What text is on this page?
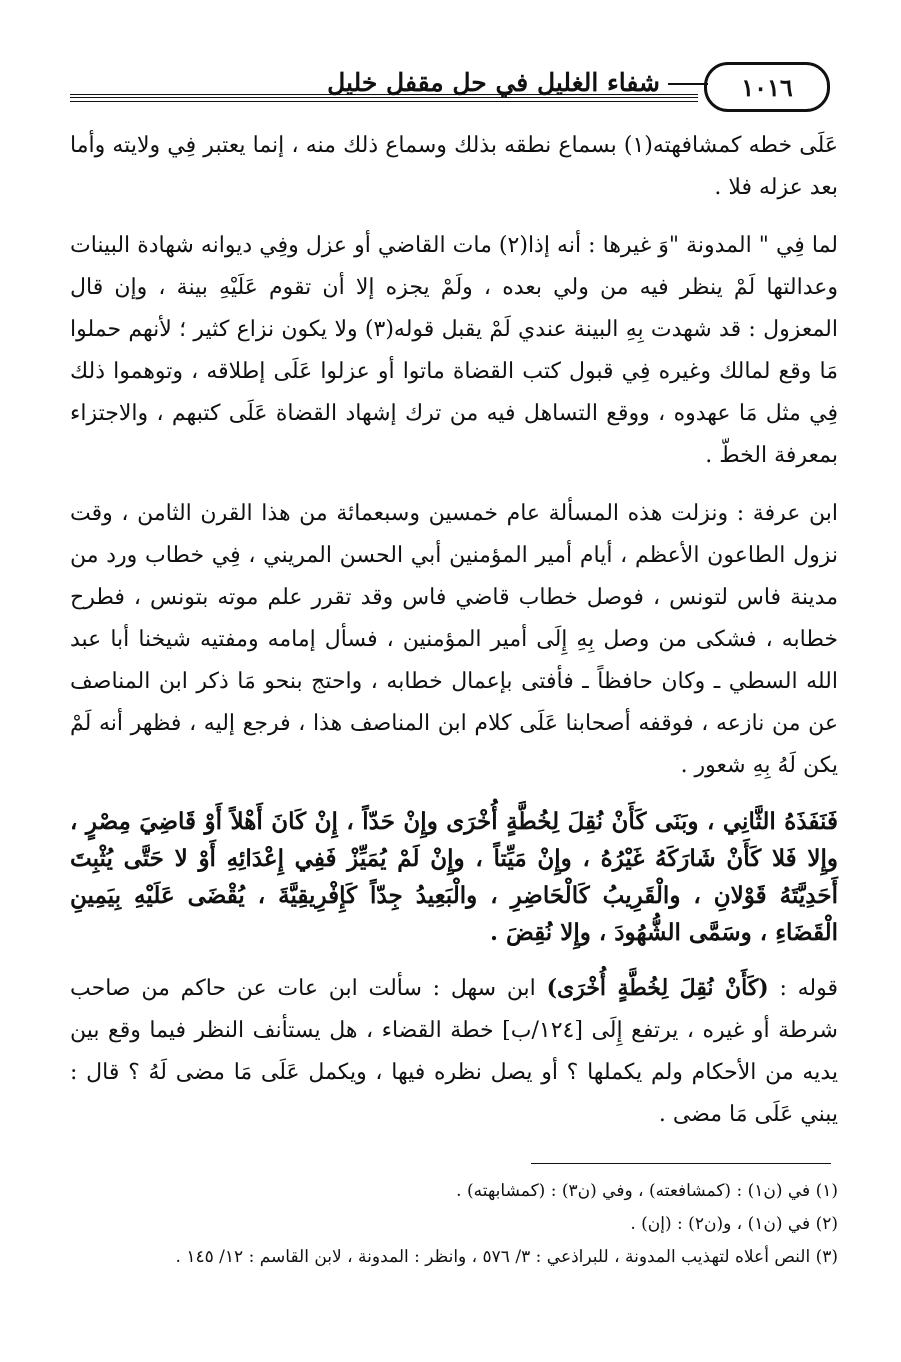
١٠١٦
شفاء الغليل في حل مقفل خليل

عَلَى خطه كمشافهته(١) بسماع نطقه بذلك وسماع ذلك منه ، إنما يعتبر فِي ولايته وأما بعد عزله فلا .

لما فِي " المدونة "وَ غيرها : أنه إذا(٢) مات القاضي أو عزل وفِي ديوانه شهادة البينات وعدالتها لَمْ ينظر فيه من ولي بعده ، ولَمْ يجزه إلا أن تقوم عَلَيْهِ بينة ، وإن قال المعزول : قد شهدت بِهِ البينة عندي لَمْ يقبل قوله(٣) ولا يكون نزاع كثير ؛ لأنهم حملوا مَا وقع لمالك وغيره فِي قبول كتب القضاة ماتوا أو عزلوا عَلَى إطلاقه ، وتوهموا ذلك فِي مثل مَا عهدوه ، ووقع التساهل فيه من ترك إشهاد القضاة عَلَى كتبهم ، والاجتزاء بمعرفة الخطّ .

ابن عرفة : ونزلت هذه المسألة عام خمسين وسبعمائة من هذا القرن الثامن ، وقت نزول الطاعون الأعظم ، أيام أمير المؤمنين أبي الحسن المريني ، فِي خطاب ورد من مدينة فاس لتونس ، فوصل خطاب قاضي فاس وقد تقرر علم موته بتونس ، فطرح خطابه ، فشكى من وصل بِهِ إِلَى أمير المؤمنين ، فسأل إمامه ومفتيه شيخنا أبا عبد الله السطي ـ وكان حافظاً ـ فأفتى بإعمال خطابه ، واحتج بنحو مَا ذكر ابن المناصف عن من نازعه ، فوقفه أصحابنا عَلَى كلام ابن المناصف هذا ، فرجع إليه ، فظهر أنه لَمْ يكن لَهُ بِهِ شعور .

فَنَفَذَهُ الثَّانِي ، وبَنَى كَأَنْ نُقِلَ لِخُطَّةٍ أُخْرَى وإِنْ حَدّاً ، إِنْ كَانَ أَهْلاً أَوْ قَاضِيَ مِصْرٍ ، وإِلا فَلا كَأَنْ شَارَكَهُ غَيْرُهُ ، وإِنْ مَيِّتاً ، وإِنْ لَمْ يُمَيِّزْ فَفِي إِعْدَائِهِ أَوْ لا حَتَّى يُثْبِتَ أَحَدِيَّتَهُ قَوْلانِ ، والْقَرِيبُ كَالْحَاضِرِ ، والْبَعِيدُ جِدّاً كَإِفْرِيقِيَّةَ ، يُقْضَى عَلَيْهِ بِيَمِينِ الْقَضَاءِ ، وسَمَّى الشُّهُودَ ، وإِلا نُقِضَ .

قوله : (كَأَنْ نُقِلَ لِخُطَّةٍ أُخْرَى) ابن سهل : سألت ابن عات عن حاكم من صاحب شرطة أو غيره ، يرتفع إِلَى [١٢٤/ب] خطة القضاء ، هل يستأنف النظر فيما وقع بين يديه من الأحكام ولم يكملها ؟ أو يصل نظره فيها ، ويكمل عَلَى مَا مضى لَهُ ؟ قال : يبني عَلَى مَا مضى .

(١) في (ن١) : (كمشافعته) ، وفي (ن٣) : (كمشابهته) .
(٢) في (ن١) ، و(ن٢) : (إن) .
(٣) النص أعلاه لتهذيب المدونة ، للبراذعي : ٣/ ٥٧٦ ، وانظر : المدونة ، لابن القاسم : ١٢/ ١٤٥ .
